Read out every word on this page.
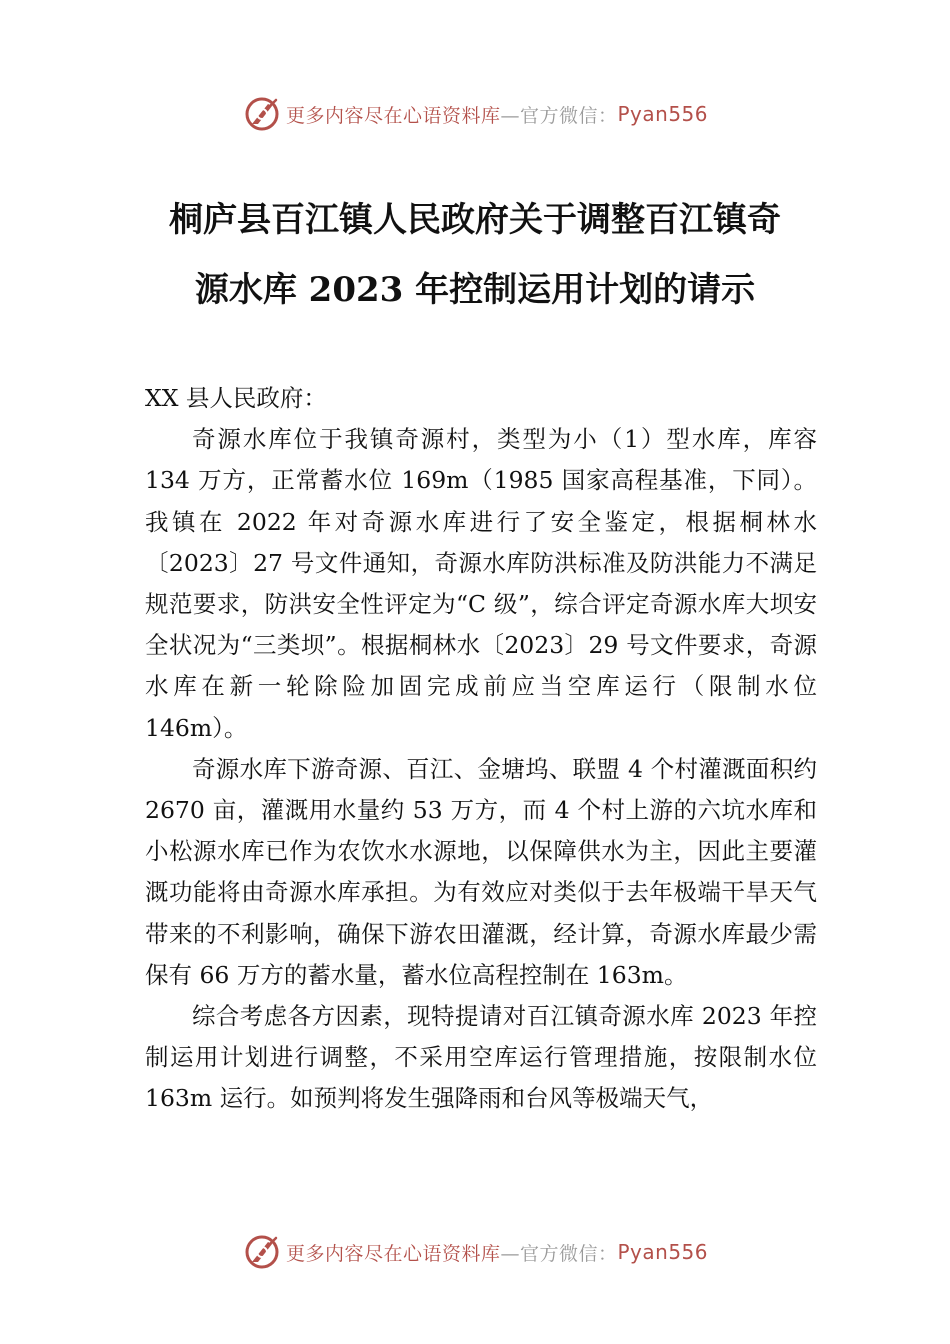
更多内容尽在心语资料库 —官方微信： Pyan556
桐庐县百江镇人民政府关于调整百江镇奇
源水库 2023 年控制运用计划的请示

XX 县人民政府：

奇源水库位于我镇奇源村，类型为小（1）型水库，库容 134 万方，正常蓄水位 169m（1985 国家高程基准，下同）。我镇在 2022 年对奇源水库进行了安全鉴定，根据桐林水〔2023〕27 号文件通知，奇源水库防洪标准及防洪能力不满足规范要求，防洪安全性评定为“C 级”，综合评定奇源水库大坝安全状况为“三类坝”。根据桐林水〔2023〕29 号文件要求，奇源水库在新一轮除险加固完成前应当空库运行（限制水位 146m）。

奇源水库下游奇源、百江、金塘坞、联盟 4 个村灌溉面积约 2670 亩，灌溉用水量约 53 万方，而 4 个村上游的六坑水库和小松源水库已作为农饮水水源地，以保障供水为主，因此主要灌溉功能将由奇源水库承担。为有效应对类似于去年极端干旱天气带来的不利影响，确保下游农田灌溉，经计算，奇源水库最少需保有 66 万方的蓄水量，蓄水位高程控制在 163m。

综合考虑各方因素，现特提请对百江镇奇源水库 2023 年控制运用计划进行调整，不采用空库运行管理措施，按限制水位 163m 运行。如预判将发生强降雨和台风等极端天气，

更多内容尽在心语资料库 —官方微信： Pyan556
